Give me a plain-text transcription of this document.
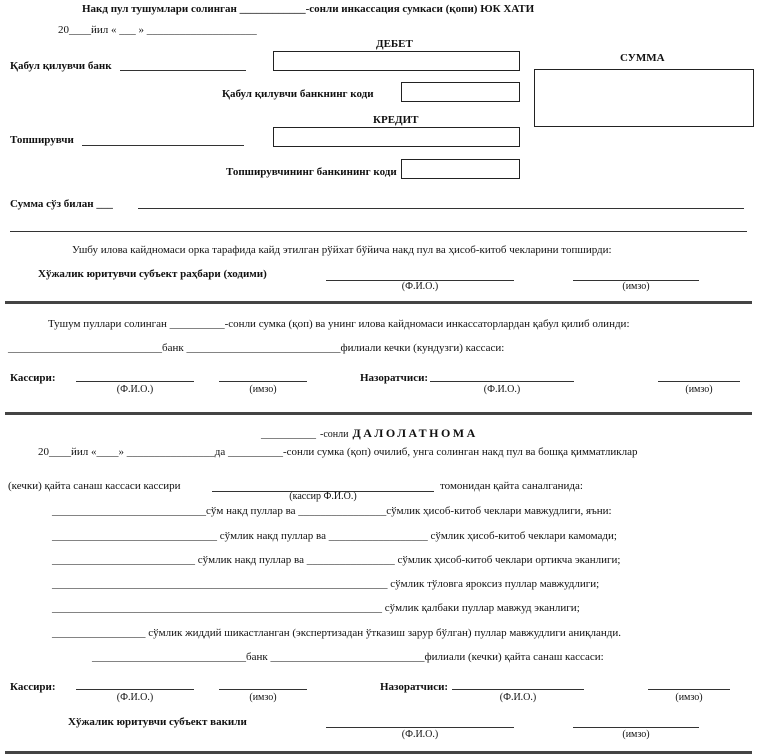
Накд пул тушумлари солинган ____________-сонли инкассация сумкаси (қопи) ЮК ХАТИ
20____йил « ___ » ____________________
ДЕБЕТ
Қабул қилувчи банк
Қабул қилувчи банкнинг коди
СУММА
КРЕДИТ
Топширувчи
Топширувчининг банкининг коди
Сумма сўз билан ___
Ушбу илова кайдномаси орка тарафида кайд этилган рўйхат бўйича накд пул ва ҳисоб-китоб чекларини топширди:
Хўжалик юритувчи субъект раҳбари (ходими)
(Ф.И.О.)	(имзо)
Тушум пуллари солинган __________-сонли сумка (қоп) ва унинг илова кайдномаси инкассаторлардан қабул қилиб олинди:
____________________________банк ____________________________филиали кечки (кундузги) кассаси:
Кассири:
(Ф.И.О.)	(имзо)
Назоратчиси:
(Ф.И.О.)	(имзо)
__________ -сонли ДАЛОЛАТНОМА
20____йил «____» ________________да __________-сонли сумка (қоп) очилиб, унга солинган накд пул ва бошқа қимматликлар
(кечки) қайта санаш кассаси кассири	томонидан қайта саналганида:
(кассир Ф.И.О.)
____________________________сўм накд пуллар ва ________________сўмлик ҳисоб-китоб чеклари мавжудлиги, яъни:
______________________________ сўмлик накд пуллар ва __________________ сўмлик ҳисоб-китоб чеклари камомади;
__________________________ сўмлик накд пуллар ва ________________ сўмлик ҳисоб-китоб чеклари ортикча эканлиги;
_____________________________________________________________ сўмлик тўловга яроксиз пуллар мавжудлиги;
____________________________________________________________ сўмлик қалбаки пуллар мавжуд эканлиги;
_________________ сўмлик жиддий шикастланган (экспертизадан ўтказиш зарур бўлган) пуллар мавжудлиги аниқланди.
____________________________банк ____________________________филиали (кечки) қайта санаш кассаси:
Кассири:
(Ф.И.О.)	(имзо)
Назоратчиси:
(Ф.И.О.)	(имзо)
Хўжалик юритувчи субъект вакили
(Ф.И.О.)	(имзо)
